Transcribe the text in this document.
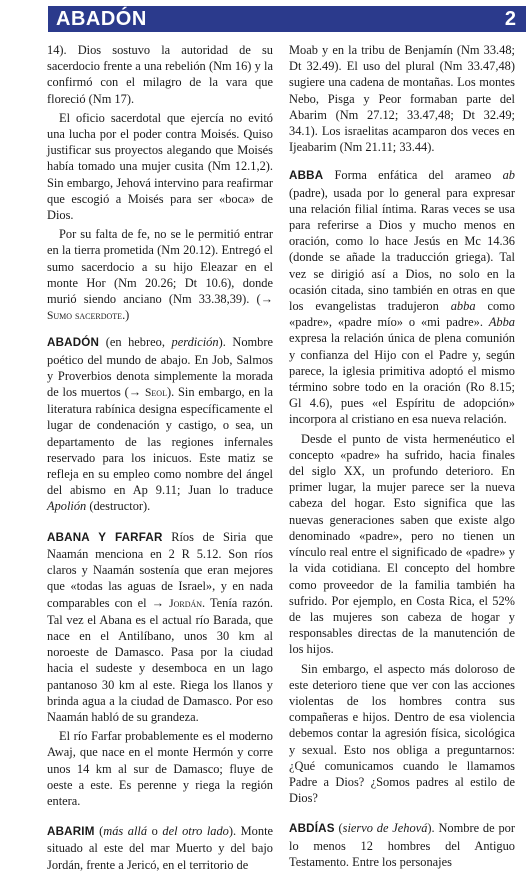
ABADÓN	2

14). Dios sostuvo la autoridad de su sacerdocio frente a una rebelión (Nm 16) y la confirmó con el milagro de la vara que floreció (Nm 17).

El oficio sacerdotal que ejercía no evitó una lucha por el poder contra Moisés. Quiso justificar sus proyectos alegando que Moisés había tomado una mujer cusita (Nm 12.1,2). Sin embargo, Jehová intervino para reafirmar que escogió a Moisés para ser «boca» de Dios.

Por su falta de fe, no se le permitió entrar en la tierra prometida (Nm 20.12). Entregó el sumo sacerdocio a su hijo Eleazar en el monte Hor (Nm 20.26; Dt 10.6), donde murió siendo anciano (Nm 33.38,39). (→ Sumo sacerdote.)

ABADÓN (en hebreo, perdición). Nombre poético del mundo de abajo. En Job, Salmos y Proverbios denota simplemente la morada de los muertos (→ Seol). Sin embargo, en la literatura rabínica designa específicamente el lugar de condenación y castigo, o sea, un departamento de las regiones infernales reservado para los inicuos. Este matiz se refleja en su empleo como nombre del ángel del abismo en Ap 9.11; Juan lo traduce Apolión (destructor).

ABANA Y FARFAR Ríos de Siria que Naamán menciona en 2 R 5.12. Son ríos claros y Naamán sostenía que eran mejores que «todas las aguas de Israel», y en nada comparables con el → Jordán. Tenía razón. Tal vez el Abana es el actual río Barada, que nace en el Antilíbano, unos 30 km al noroeste de Damasco. Pasa por la ciudad hacia el sudeste y desemboca en un lago pantanoso 30 km al este. Riega los llanos y brinda agua a la ciudad de Damasco. Por eso Naamán habló de su grandeza.

El río Farfar probablemente es el moderno Awaj, que nace en el monte Hermón y corre unos 14 km al sur de Damasco; fluye de oeste a este. Es perenne y riega la región entera.

ABARIM (más allá o del otro lado). Monte situado al este del mar Muerto y del bajo Jordán, frente a Jericó, en el territorio de

Moab y en la tribu de Benjamín (Nm 33.48; Dt 32.49). El uso del plural (Nm 33.47,48) sugiere una cadena de montañas. Los montes Nebo, Pisga y Peor formaban parte del Abarim (Nm 27.12; 33.47,48; Dt 32.49; 34.1). Los israelitas acamparon dos veces en Ijeabarim (Nm 21.11; 33.44).

ABBA Forma enfática del arameo ab (padre), usada por lo general para expresar una relación filial íntima. Raras veces se usa para referirse a Dios y mucho menos en oración, como lo hace Jesús en Mc 14.36 (donde se añade la traducción griega). Tal vez se dirigió así a Dios, no solo en la ocasión citada, sino también en otras en que los evangelistas tradujeron abba como «padre», «padre mío» o «mi padre». Abba expresa la relación única de plena comunión y confianza del Hijo con el Padre y, según parece, la iglesia primitiva adoptó el mismo término sobre todo en la oración (Ro 8.15; Gl 4.6), pues «el Espíritu de adopción» incorpora al cristiano en esa nueva relación.

Desde el punto de vista hermenéutico el concepto «padre» ha sufrido, hacia finales del siglo XX, un profundo deterioro. En primer lugar, la mujer parece ser la nueva cabeza del hogar. Esto significa que las nuevas generaciones saben que existe algo denominado «padre», pero no tienen un vínculo real entre el significado de «padre» y la vida cotidiana. El concepto del hombre como proveedor de la familia también ha sufrido. Por ejemplo, en Costa Rica, el 52% de las mujeres son cabeza de hogar y responsables directas de la manutención de los hijos.

Sin embargo, el aspecto más doloroso de este deterioro tiene que ver con las acciones violentas de los hombres contra sus compañeras e hijos. Dentro de esa violencia debemos contar la agresión física, sicológica y sexual. Esto nos obliga a preguntarnos: ¿Qué comunicamos cuando le llamamos Padre a Dios? ¿Somos padres al estilo de Dios?

ABDÍAS (siervo de Jehová). Nombre de por lo menos 12 hombres del Antiguo Testamento. Entre los personajes
